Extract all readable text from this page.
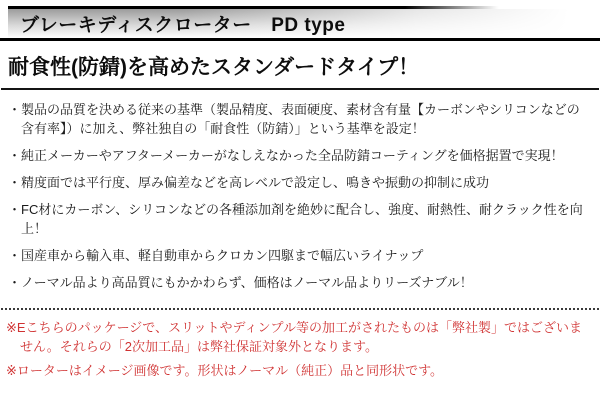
ブレーキディスクローター　PD type
耐食性(防錆)を高めたスタンダードタイプ！
・製品の品質を決める従来の基準（製品精度、表面硬度、素材含有量【カーボンやシリコンなどの含有率】）に加え、弊社独自の「耐食性（防錆）」という基準を設定！
・純正メーカーやアフターメーカーがなしえなかった全品防錆コーティングを価格据置で実現！
・精度面では平行度、厚み偏差などを高レベルで設定し、鳴きや振動の抑制に成功
・FC材にカーボン、シリコンなどの各種添加剤を絶妙に配合し、強度、耐熱性、耐クラック性を向上！
・国産車から輸入車、軽自動車からクロカン四駆まで幅広いライナップ
・ノーマル品より高品質にもかかわらず、価格はノーマル品よりリーズナブル！
※Eこちらのパッケージで、スリットやディンプル等の加工がされたものは「弊社製」ではございません。それらの「2次加工品」は弊社保証対象外となります。
※ローターはイメージ画像です。形状はノーマル（純正）品と同形状です。
